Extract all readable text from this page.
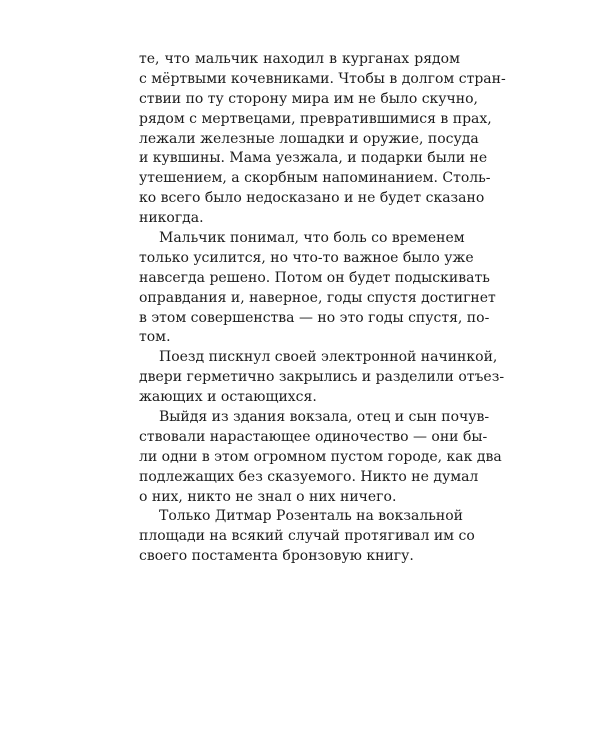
те, что мальчик находил в курганах рядом
с мёртвыми кочевниками. Чтобы в долгом стран-
ствии по ту сторону мира им не было скучно,
рядом с мертвецами, превратившимися в прах,
лежали железные лошадки и оружие, посуда
и кувшины. Мама уезжала, и подарки были не
утешением, а скорбным напоминанием. Столь-
ко всего было недосказано и не будет сказано
никогда.
Мальчик понимал, что боль со временем
только усилится, но что-то важное было уже
навсегда решено. Потом он будет подыскивать
оправдания и, наверное, годы спустя достигнет
в этом совершенства — но это годы спустя, по-
том.
Поезд пискнул своей электронной начинкой,
двери герметично закрылись и разделили отъез-
жающих и остающихся.
Выйдя из здания вокзала, отец и сын почув-
ствовали нарастающее одиночество — они бы-
ли одни в этом огромном пустом городе, как два
подлежащих без сказуемого. Никто не думал
о них, никто не знал о них ничего.
Только Дитмар Розенталь на вокзальной
площади на всякий случай протягивал им со
своего постамента бронзовую книгу.
